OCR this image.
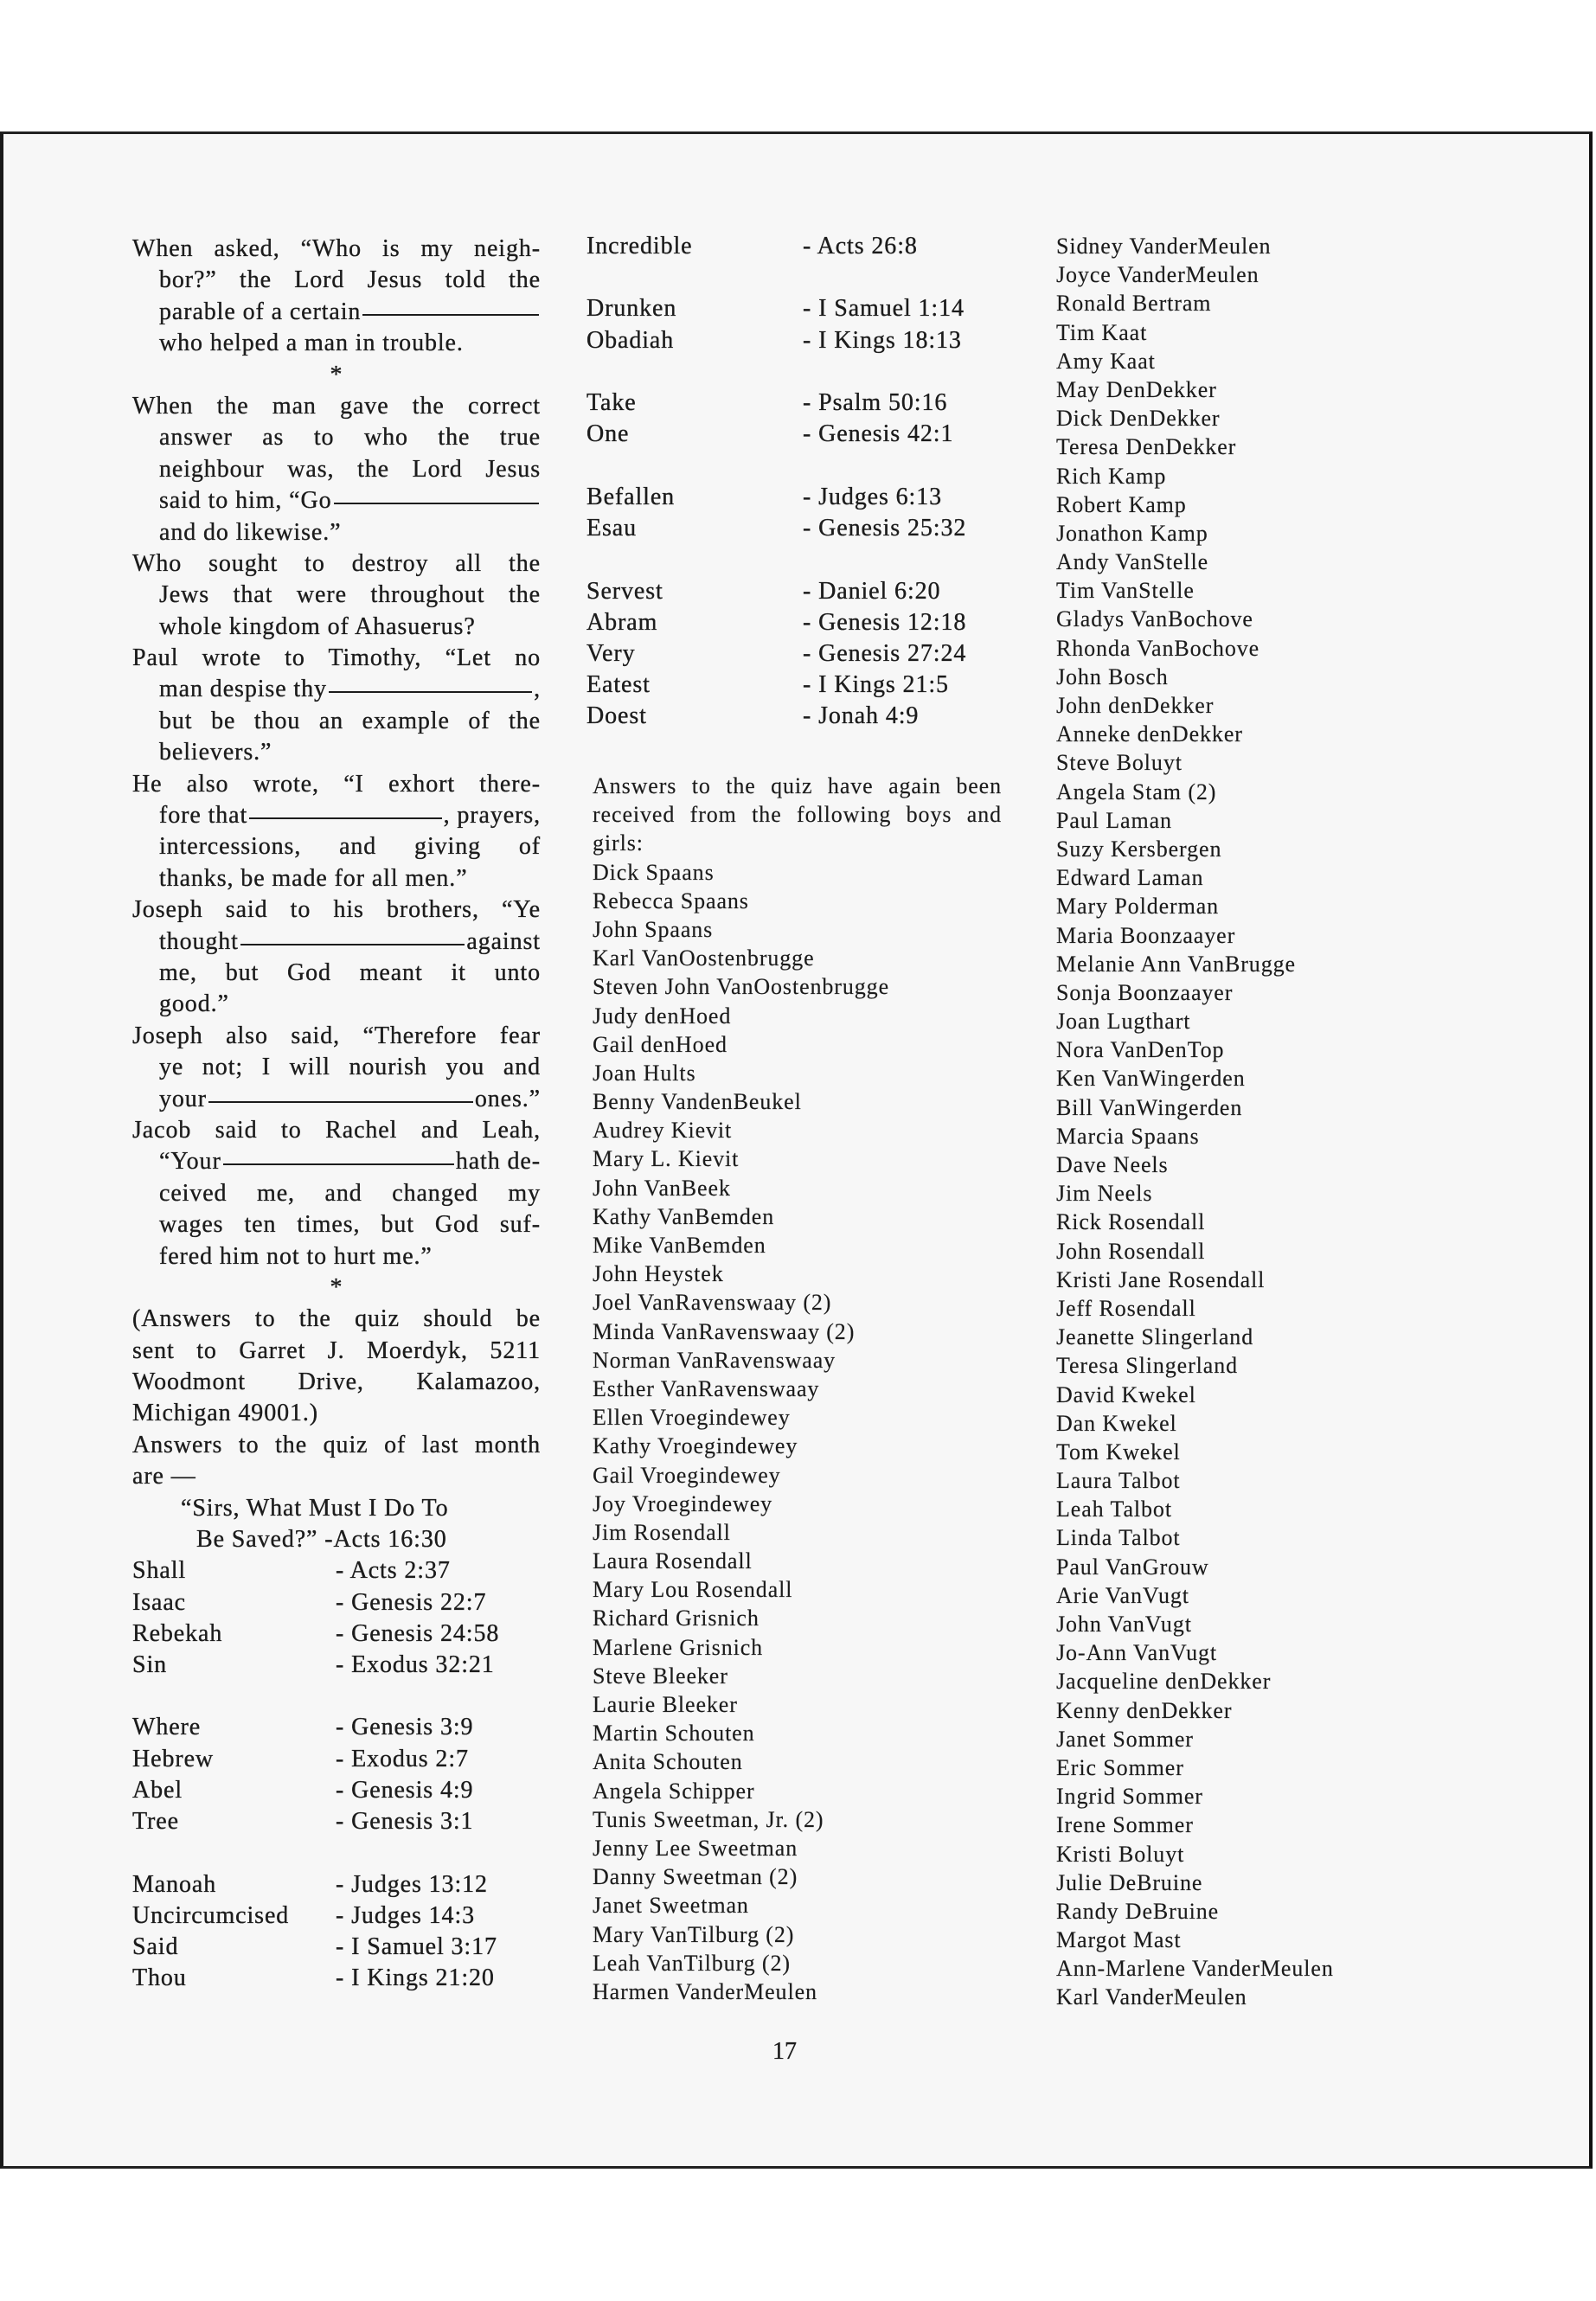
When asked, “Who is my neigh-
bor?” the Lord Jesus told the
parable of a certain
who helped a man in trouble.
*
When the man gave the correct
answer as to who the true
neighbour was, the Lord Jesus
said to him, “Go
and do likewise.”
Who sought to destroy all the
Jews that were throughout the
whole kingdom of Ahasuerus?
Paul wrote to Timothy, “Let no
man despise thy	,
but be thou an example of the
believers.”
He also wrote, “I exhort there-
fore that	, prayers,
intercessions, and giving of
thanks, be made for all men.”
Joseph said to his brothers, “Ye
thought	against
me, but God meant it unto
good.”
Joseph also said, “Therefore fear
ye not; I will nourish you and
your	ones.”
Jacob said to Rachel and Leah,
“Your	hath de-
ceived me, and changed my
wages ten times, but God suf-
fered him not to hurt me.”
*
(Answers to the quiz should be
sent to Garret J. Moerdyk, 5211
Woodmont Drive, Kalamazoo,
Michigan 49001.)
Answers to the quiz of last month
are —
“Sirs, What Must I Do To
Be Saved?” -Acts 16:30
Shall	- Acts 2:37
Isaac	- Genesis 22:7
Rebekah	- Genesis 24:58
Sin	- Exodus 32:21
Where	- Genesis 3:9
Hebrew	- Exodus 2:7
Abel	- Genesis 4:9
Tree	- Genesis 3:1
Manoah	- Judges 13:12
Uncircumcised - Judges 14:3
Said	- I Samuel 3:17
Thou	- I Kings 21:20
Incredible	- Acts 26:8
Drunken	- I Samuel 1:14
Obadiah	- I Kings 18:13
Take	- Psalm 50:16
One	- Genesis 42:1
Befallen	- Judges 6:13
Esau	- Genesis 25:32
Servest	- Daniel 6:20
Abram	- Genesis 12:18
Very	- Genesis 27:24
Eatest	- I Kings 21:5
Doest	- Jonah 4:9
Answers to the quiz have again been
received from the following boys and
girls:
Dick Spaans
Rebecca Spaans
John Spaans
Karl VanOostenbrugge
Steven John VanOostenbrugge
Judy denHoed
Gail denHoed
Joan Hults
Benny VandenBeukel
Audrey Kievit
Mary L. Kievit
John VanBeek
Kathy VanBemden
Mike VanBemden
John Heystek
Joel VanRavenswaay (2)
Minda VanRavenswaay (2)
Norman VanRavenswaay
Esther VanRavenswaay
Ellen Vroegindewey
Kathy Vroegindewey
Gail Vroegindewey
Joy Vroegindewey
Jim Rosendall
Laura Rosendall
Mary Lou Rosendall
Richard Grisnich
Marlene Grisnich
Steve Bleeker
Laurie Bleeker
Martin Schouten
Anita Schouten
Angela Schipper
Tunis Sweetman, Jr. (2)
Jenny Lee Sweetman
Danny Sweetman (2)
Janet Sweetman
Mary VanTilburg (2)
Leah VanTilburg (2)
Harmen VanderMeulen
Sidney VanderMeulen
Joyce VanderMeulen
Ronald Bertram
Tim Kaat
Amy Kaat
May DenDekker
Dick DenDekker
Teresa DenDekker
Rich Kamp
Robert Kamp
Jonathon Kamp
Andy VanStelle
Tim VanStelle
Gladys VanBochove
Rhonda VanBochove
John Bosch
John denDekker
Anneke denDekker
Steve Boluyt
Angela Stam (2)
Paul Laman
Suzy Kersbergen
Edward Laman
Mary Polderman
Maria Boonzaayer
Melanie Ann VanBrugge
Sonja Boonzaayer
Joan Lugthart
Nora VanDenTop
Ken VanWingerden
Bill VanWingerden
Marcia Spaans
Dave Neels
Jim Neels
Rick Rosendall
John Rosendall
Kristi Jane Rosendall
Jeff Rosendall
Jeanette Slingerland
Teresa Slingerland
David Kwekel
Dan Kwekel
Tom Kwekel
Laura Talbot
Leah Talbot
Linda Talbot
Paul VanGrouw
Arie VanVugt
John VanVugt
Jo-Ann VanVugt
Jacqueline denDekker
Kenny denDekker
Janet Sommer
Eric Sommer
Ingrid Sommer
Irene Sommer
Kristi Boluyt
Julie DeBruine
Randy DeBruine
Margot Mast
Ann-Marlene VanderMeulen
Karl VanderMeulen
17
